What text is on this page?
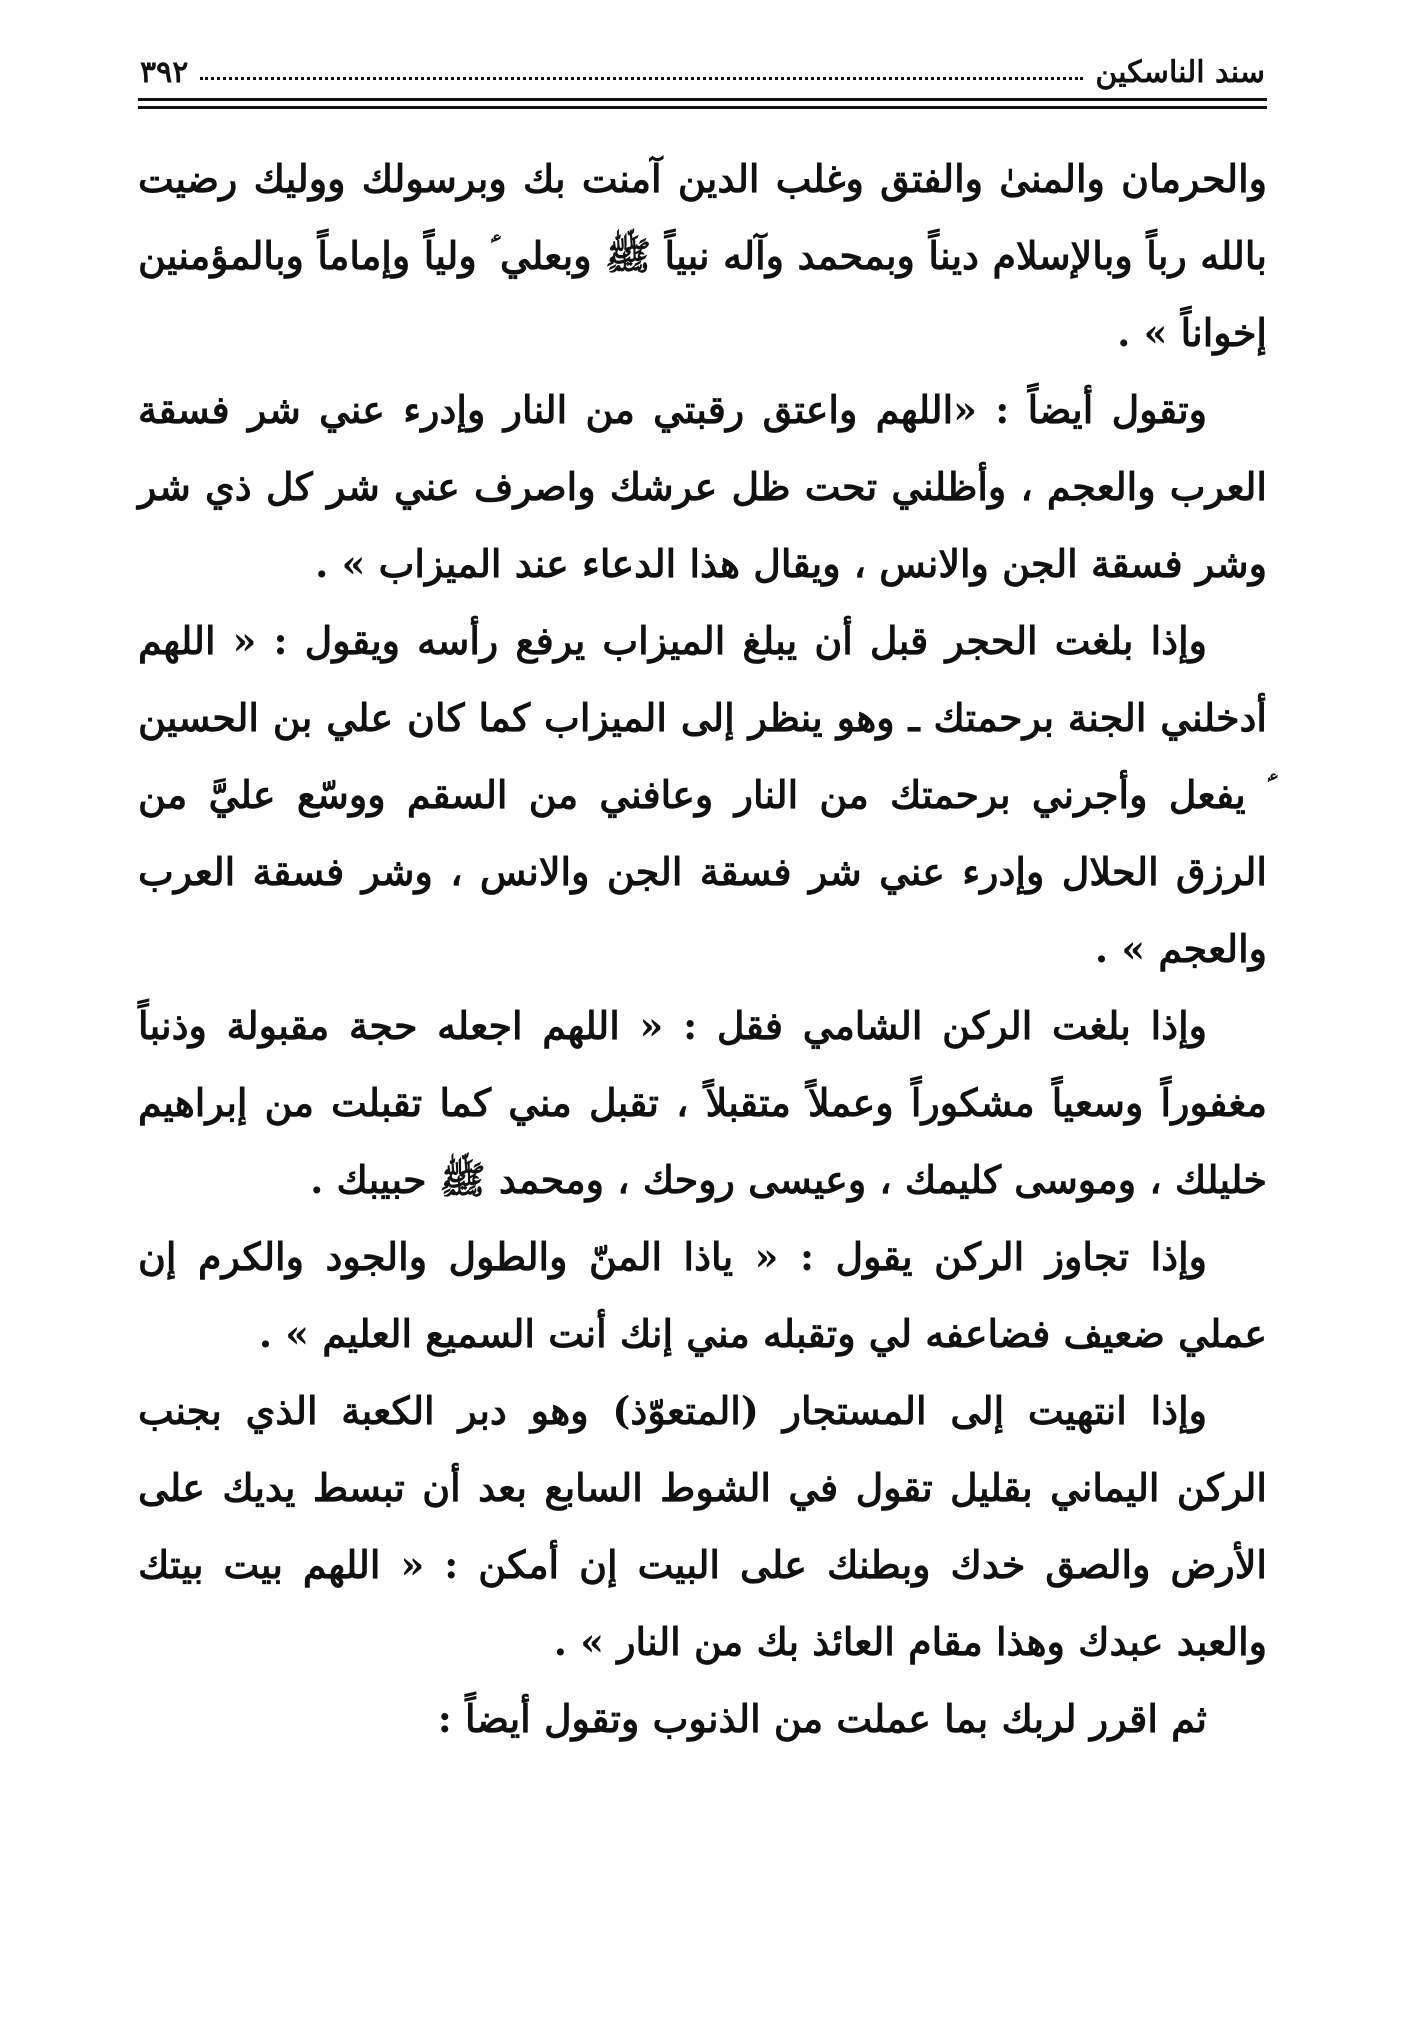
سند الناسكين
٣٩٢

والحرمان والمنىٰ والفتق وغلب الدين آمنت بك وبرسولك ووليك رضيت بالله رباً وبالإسلام ديناً وبمحمد وآله نبياً ﷺ وبعلي ؑ ولياً وإماماً وبالمؤمنين إخواناً » .

وتقول أيضاً : «اللهم واعتق رقبتي من النار وإدرء عني شر فسقة العرب والعجم ، وأظلني تحت ظل عرشك واصرف عني شر كل ذي شر وشر فسقة الجن والانس ، ويقال هذا الدعاء عند الميزاب » .

وإذا بلغت الحجر قبل أن يبلغ الميزاب يرفع رأسه ويقول : « اللهم أدخلني الجنة برحمتك ـ وهو ينظر إلى الميزاب كما كان علي بن الحسين ؑ يفعل وأجرني برحمتك من النار وعافني من السقم ووسّع عليَّ من الرزق الحلال وإدرء عني شر فسقة الجن والانس ، وشر فسقة العرب والعجم » .

وإذا بلغت الركن الشامي فقل : « اللهم اجعله حجة مقبولة وذنباً مغفوراً وسعياً مشكوراً وعملاً متقبلاً ، تقبل مني كما تقبلت من إبراهيم خليلك ، وموسى كليمك ، وعيسى روحك ، ومحمد ﷺ حبيبك .

وإذا تجاوز الركن يقول : « ياذا المنّ والطول والجود والكرم إن عملي ضعيف فضاعفه لي وتقبله مني إنك أنت السميع العليم » .

وإذا انتهيت إلى المستجار (المتعوّذ) وهو دبر الكعبة الذي بجنب الركن اليماني بقليل تقول في الشوط السابع بعد أن تبسط يديك على الأرض والصق خدك وبطنك على البيت إن أمكن : « اللهم بيت بيتك والعبد عبدك وهذا مقام العائذ بك من النار » .

ثم اقرر لربك بما عملت من الذنوب وتقول أيضاً :
